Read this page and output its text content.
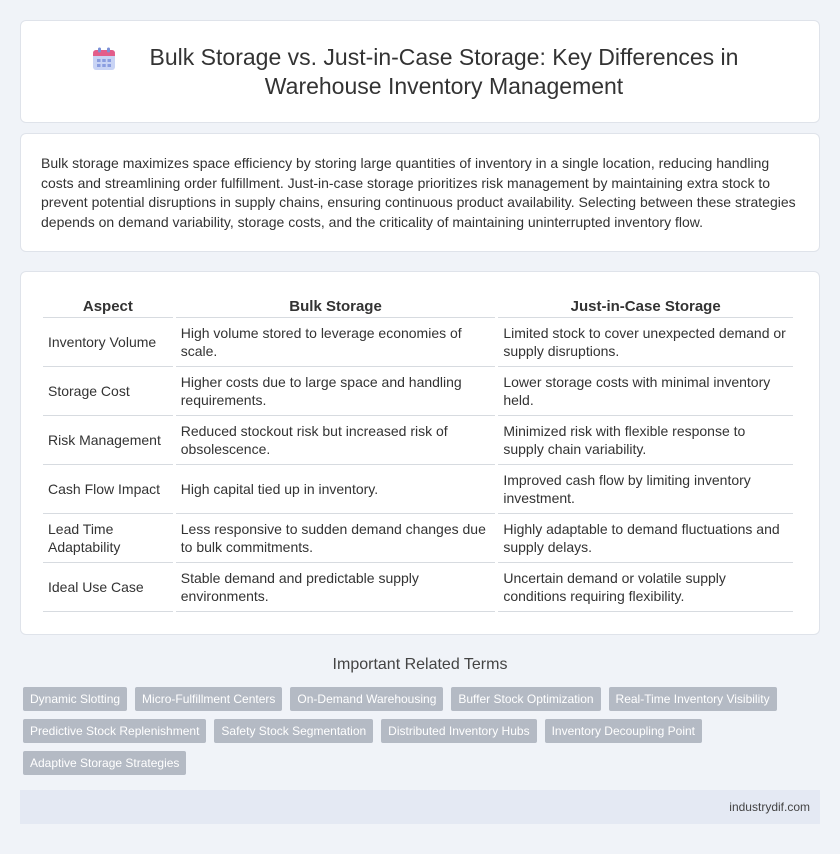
Bulk Storage vs. Just-in-Case Storage: Key Differences in Warehouse Inventory Management

Bulk storage maximizes space efficiency by storing large quantities of inventory in a single location, reducing handling costs and streamlining order fulfillment. Just-in-case storage prioritizes risk management by maintaining extra stock to prevent potential disruptions in supply chains, ensuring continuous product availability. Selecting between these strategies depends on demand variability, storage costs, and the criticality of maintaining uninterrupted inventory flow.

Aspect	Bulk Storage	Just-in-Case Storage
Inventory Volume	High volume stored to leverage economies of scale.	Limited stock to cover unexpected demand or supply disruptions.
Storage Cost	Higher costs due to large space and handling requirements.	Lower storage costs with minimal inventory held.
Risk Management	Reduced stockout risk but increased risk of obsolescence.	Minimized risk with flexible response to supply chain variability.
Cash Flow Impact	High capital tied up in inventory.	Improved cash flow by limiting inventory investment.
Lead Time Adaptability	Less responsive to sudden demand changes due to bulk commitments.	Highly adaptable to demand fluctuations and supply delays.
Ideal Use Case	Stable demand and predictable supply environments.	Uncertain demand or volatile supply conditions requiring flexibility.
Important Related Terms
Dynamic Slotting	Micro-Fulfillment Centers	On-Demand Warehousing	Buffer Stock Optimization	Real-Time Inventory Visibility
Predictive Stock Replenishment	Safety Stock Segmentation	Distributed Inventory Hubs	Inventory Decoupling Point
Adaptive Storage Strategies
industrydif.com
